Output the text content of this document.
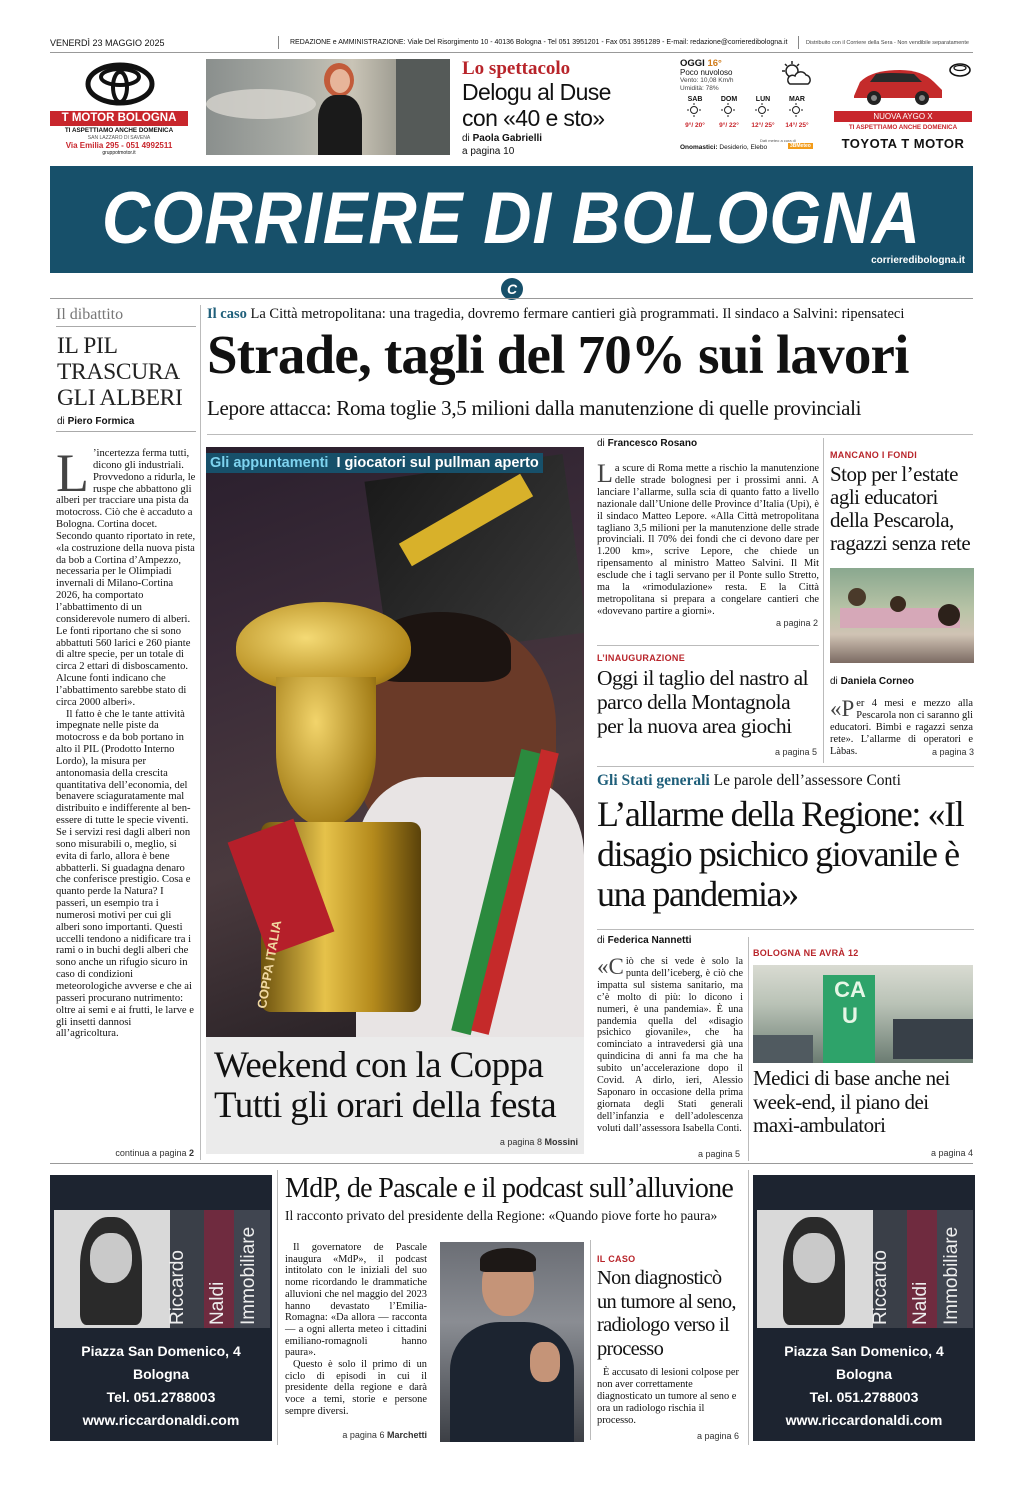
VENERDÌ 23 MAGGIO 2025	REDAZIONE e AMMINISTRAZIONE: Viale Del Risorgimento 10 - 40136 Bologna - Tel 051 3951201 - Fax 051 3951289 - E-mail: redazione@corrieredibologna.it	Distribuito con il Corriere della Sera - Non vendibile separatamente
T MOTOR BOLOGNA
TI ASPETTIAMO ANCHE DOMENICA
SAN LAZZARO DI SAVENA
Via Emilia 295 - 051 4992511
gruppotmotor.it
Lo spettacolo
Delogu al Duse
con «40 e sto»
di Paola Gabrielli
a pagina 10
OGGI 16°
Poco nuvoloso
Vento: 10,08 Km/h
Umidità: 78%
SAB
9°/ 20°
DOM
9°/ 22°
LUN
12°/ 25°
MAR
14°/ 25°
Onomastici: Desiderio, Elebo
Dati meteo a cura di
3BMeteo
NUOVA AYGO X
TI ASPETTIAMO ANCHE DOMENICA
TOYOTA T MOTOR
CORRIERE DI BOLOGNA
corrieredibologna.it
C
Il dibattito
IL PIL TRASCURA GLI ALBERI
di Piero Formica
L ’incertezza ferma tutti, dicono gli industriali. Provvedono a ridurla, le ruspe che abbattono gli alberi per tracciare una pista da motocross. Ciò che è accaduto a Bologna. Cortina docet. Secondo quanto riportato in rete, «la costruzione della nuova pista da bob a Cortina d’Ampezzo, necessaria per le Olimpiadi invernali di Milano-Cortina 2026, ha comportato l’abbattimento di un considerevole numero di alberi. Le fonti riportano che si sono abbattuti 560 larici e 260 piante di altre specie, per un totale di circa 2 ettari di disboscamento. Alcune fonti indicano che l’abbattimento sarebbe stato di circa 2000 alberi».

Il fatto è che le tante attività impegnate nelle piste da motocross e da bob portano in alto il PIL (Prodotto Interno Lordo), la misura per antonomasia della crescita quantitativa dell’economia, del benavere sciaguratamente mal distribuito e indifferente al ben-essere di tutte le specie viventi. Se i servizi resi dagli alberi non sono misurabili o, meglio, si evita di farlo, allora è bene abbatterli. Si guadagna denaro che conferisce prestigio. Cosa e quanto perde la Natura? I passeri, un esempio tra i numerosi motivi per cui gli alberi sono importanti. Questi uccelli tendono a nidificare tra i rami o in buchi degli alberi che sono anche un rifugio sicuro in caso di condizioni meteorologiche avverse e che ai passeri procurano nutrimento: oltre ai semi e ai frutti, le larve e gli insetti dannosi all’agricoltura.

continua a pagina 2
Il caso La Città metropolitana: una tragedia, dovremo fermare cantieri già programmati. Il sindaco a Salvini: ripensateci
Strade, tagli del 70% sui lavori
Lepore attacca: Roma toglie 3,5 milioni dalla manutenzione di quelle provinciali
COPPA ITALIA
Gli appuntamenti I giocatori sul pullman aperto
Weekend con la Coppa
Tutti gli orari della festa
a pagina 8 Mossini
di Francesco Rosano
La scure di Roma mette a rischio la manutenzione delle strade bolognesi per i prossimi anni. A lanciare l’allarme, sulla scia di quanto fatto a livello nazionale dall’Unione delle Province d’Italia (Upi), è il sindaco Matteo Lepore. «Alla Città metropolitana tagliano 3,5 milioni per la manutenzione delle strade provinciali. Il 70% dei fondi che ci devono dare per 1.200 km», scrive Lepore, che chiede un ripensamento al ministro Matteo Salvini. Il Mit esclude che i tagli servano per il Ponte sullo Stretto, ma la «rimodulazione» resta. E la Città metropolitana si prepara a congelare cantieri che «dovevano partire a giorni».
a pagina 2
L’INAUGURAZIONE
Oggi il taglio del nastro al parco della Montagnola per la nuova area giochi
a pagina 5
MANCANO I FONDI
Stop per l’estate agli educatori della Pescarola, ragazzi senza rete
di Daniela Corneo
«Per 4 mesi e mezzo alla Pescarola non ci saranno gli educatori. Bimbi e ragazzi senza rete». L’allarme di operatori e Làbas.	a pagina 3
Gli Stati generali Le parole dell’assessore Conti
L’allarme della Regione: «Il disagio psichico giovanile è una pandemia»
di Federica Nannetti
«Ciò che si vede è solo la punta dell’iceberg, è ciò che impatta sul sistema sanitario, ma c’è molto di più: lo dicono i numeri, è una pandemia». È una pandemia quella del «disagio psichico giovanile», che ha cominciato a intravedersi già una quindicina di anni fa ma che ha subito un’accelerazione dopo il Covid. A dirlo, ieri, Alessio Saponaro in occasione della prima giornata degli Stati generali dell’infanzia e dell’adolescenza voluti dall’assessora Isabella Conti.
a pagina 5
BOLOGNA NE AVRÀ 12
CAU
Medici di base anche nei week-end, il piano dei maxi-ambulatori
a pagina 4
Riccardo Naldi Immobiliare
Piazza San Domenico, 4
Bologna
Tel. 051.2788003
www.riccardonaldi.com
MdP, de Pascale e il podcast sull’alluvione
Il racconto privato del presidente della Regione: «Quando piove forte ho paura»

Il governatore de Pascale inaugura «MdP», il podcast intitolato con le iniziali del suo nome ricordando le drammatiche alluvioni che nel maggio del 2023 hanno devastato l’Emilia-Romagna: «Da allora — racconta — a ogni allerta meteo i cittadini emiliano-romagnoli hanno paura».

Questo è solo il primo di un ciclo di episodi in cui il presidente della regione e darà voce a temi, storie e persone sempre diversi.

a pagina 6 Marchetti
IL CASO
Non diagnosticò un tumore al seno, radiologo verso il processo
È accusato di lesioni colpose per non aver correttamente diagnosticato un tumore al seno e ora un radiologo rischia il processo.
a pagina 6
Riccardo Naldi Immobiliare
Piazza San Domenico, 4
Bologna
Tel. 051.2788003
www.riccardonaldi.com
